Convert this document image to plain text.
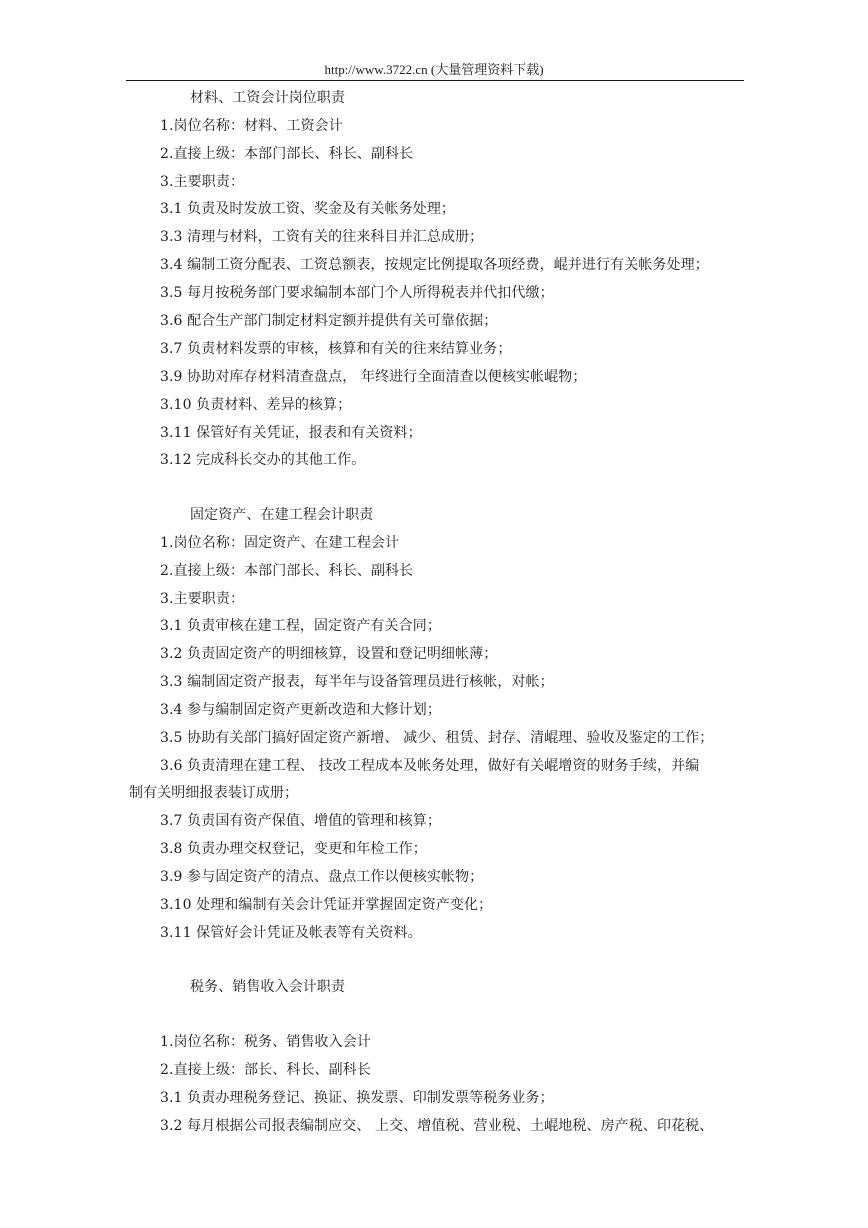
http://www.3722.cn (大量管理资料下载)
材料、工资会计岗位职责
1.岗位名称：材料、工资会计
2.直接上级：本部门部长、科长、副科长
3.主要职责：
3.1 负责及时发放工资、奖金及有关帐务处理；
3.3 清理与材料，工资有关的往来科目并汇总成册；
3.4 编制工资分配表、工资总额表，按规定比例提取各项经费，崐并进行有关帐务处理；
3.5 每月按税务部门要求编制本部门个人所得税表并代扣代缴；
3.6 配合生产部门制定材料定额并提供有关可靠依据；
3.7 负责材料发票的审核，核算和有关的往来结算业务；
3.9 协助对库存材料清查盘点， 年终进行全面清查以便核实帐崐物；
3.10 负责材料、差异的核算；
3.11 保管好有关凭证，报表和有关资料；
3.12 完成科长交办的其他工作。
固定资产、在建工程会计职责
1.岗位名称：固定资产、在建工程会计
2.直接上级：本部门部长、科长、副科长
3.主要职责：
3.1 负责审核在建工程，固定资产有关合同；
3.2 负责固定资产的明细核算，设置和登记明细帐薄；
3.3 编制固定资产报表，每半年与设备管理员进行核帐，对帐；
3.4 参与编制固定资产更新改造和大修计划；
3.5 协助有关部门搞好固定资产新增、 减少、租赁、封存、清崐理、验收及鉴定的工作；
3.6 负责清理在建工程、 技改工程成本及帐务处理，做好有关崐增资的财务手续，并编
制有关明细报表装订成册；
3.7 负责国有资产保值、增值的管理和核算；
3.8 负责办理交权登记，变更和年检工作；
3.9 参与固定资产的清点、盘点工作以便核实帐物；
3.10 处理和编制有关会计凭证并掌握固定资产变化；
3.11 保管好会计凭证及帐表等有关资料。
税务、销售收入会计职责
1.岗位名称：税务、销售收入会计
2.直接上级：部长、科长、副科长
3.1 负责办理税务登记、换证、换发票、印制发票等税务业务；
3.2 每月根据公司报表编制应交、 上交、增值税、营业税、土崐地税、房产税、印花税、
